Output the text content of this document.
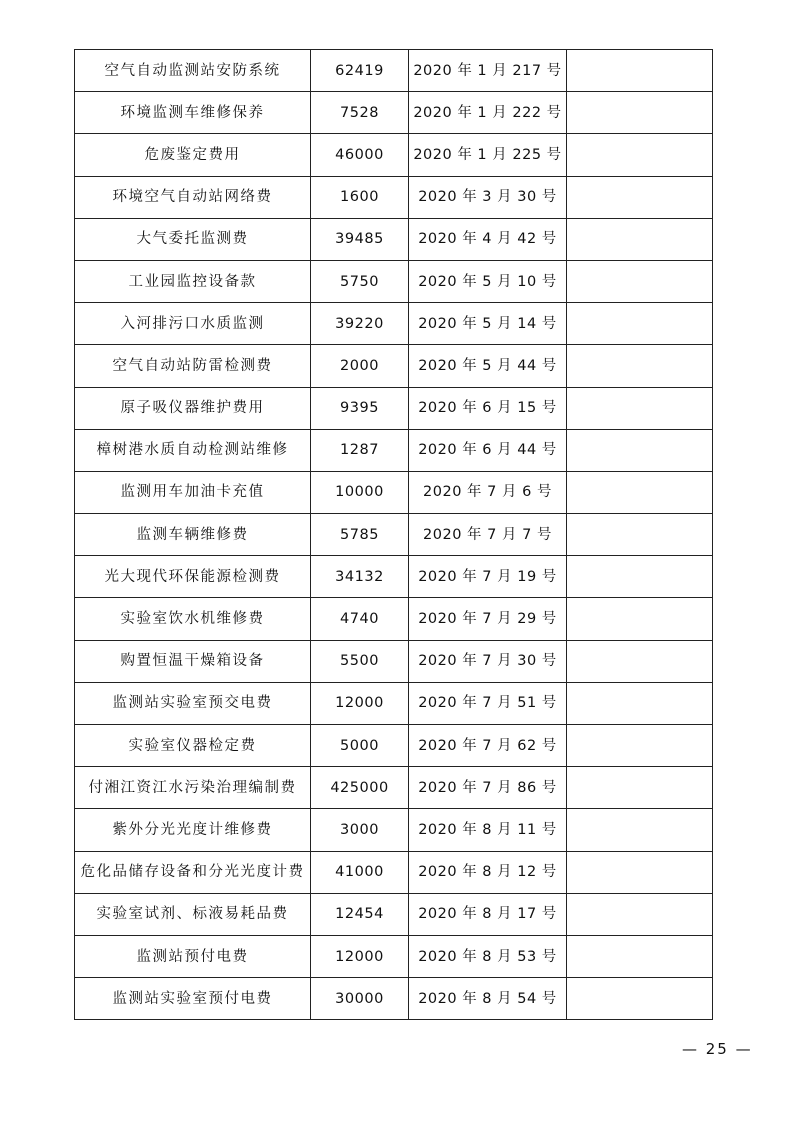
空气自动监测站安防系统	62419	2020 年 1 月 217 号	
环境监测车维修保养	7528	2020 年 1 月 222 号	
危废鉴定费用	46000	2020 年 1 月 225 号	
环境空气自动站网络费	1600	2020 年 3 月 30 号	
大气委托监测费	39485	2020 年 4 月 42 号	
工业园监控设备款	5750	2020 年 5 月 10 号	
入河排污口水质监测	39220	2020 年 5 月 14 号	
空气自动站防雷检测费	2000	2020 年 5 月 44 号	
原子吸仪器维护费用	9395	2020 年 6 月 15 号	
樟树港水质自动检测站维修	1287	2020 年 6 月 44 号	
监测用车加油卡充值	10000	2020 年 7 月 6 号	
监测车辆维修费	5785	2020 年 7 月 7 号	
光大现代环保能源检测费	34132	2020 年 7 月 19 号	
实验室饮水机维修费	4740	2020 年 7 月 29 号	
购置恒温干燥箱设备	5500	2020 年 7 月 30 号	
监测站实验室预交电费	12000	2020 年 7 月 51 号	
实验室仪器检定费	5000	2020 年 7 月 62 号	
付湘江资江水污染治理编制费	425000	2020 年 7 月 86 号	
紫外分光光度计维修费	3000	2020 年 8 月 11 号	
危化品储存设备和分光光度计费	41000	2020 年 8 月 12 号	
实验室试剂、标液易耗品费	12454	2020 年 8 月 17 号	
监测站预付电费	12000	2020 年 8 月 53 号	
监测站实验室预付电费	30000	2020 年 8 月 54 号	
— 25 —
